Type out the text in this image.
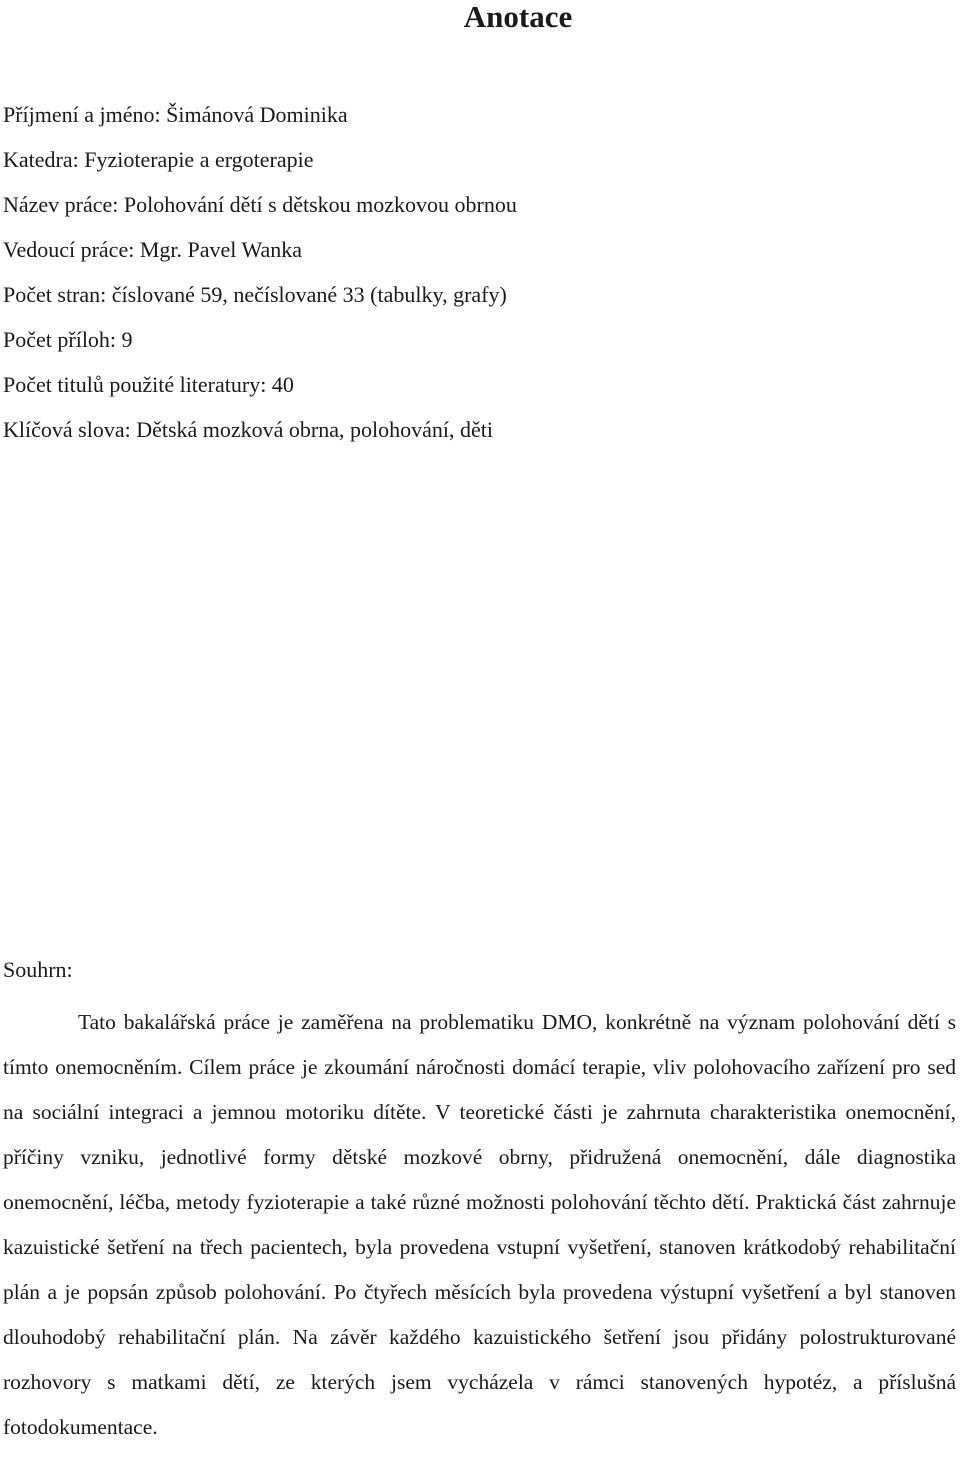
Anotace
Příjmení a jméno: Šimánová Dominika
Katedra: Fyzioterapie a ergoterapie
Název práce: Polohování dětí s dětskou mozkovou obrnou
Vedoucí práce: Mgr. Pavel Wanka
Počet stran: číslované 59, nečíslované 33 (tabulky, grafy)
Počet příloh: 9
Počet titulů použité literatury: 40
Klíčová slova: Dětská mozková obrna, polohování, děti

Souhrn:

Tato bakalářská práce je zaměřena na problematiku DMO, konkrétně na význam polohování dětí s tímto onemocněním. Cílem práce je zkoumání náročnosti domácí terapie, vliv polohovacího zařízení pro sed na sociální integraci a jemnou motoriku dítěte. V teoretické části je zahrnuta charakteristika onemocnění, příčiny vzniku, jednotlivé formy dětské mozkové obrny, přidružená onemocnění, dále diagnostika onemocnění, léčba, metody fyzioterapie a také různé možnosti polohování těchto dětí. Praktická část zahrnuje kazuistické šetření na třech pacientech, byla provedena vstupní vyšetření, stanoven krátkodobý rehabilitační plán a je popsán způsob polohování. Po čtyřech měsících byla provedena výstupní vyšetření a byl stanoven dlouhodobý rehabilitační plán. Na závěr každého kazuistického šetření jsou přidány polostrukturované rozhovory s matkami dětí, ze kterých jsem vycházela v rámci stanovených hypotéz, a příslušná fotodokumentace.
